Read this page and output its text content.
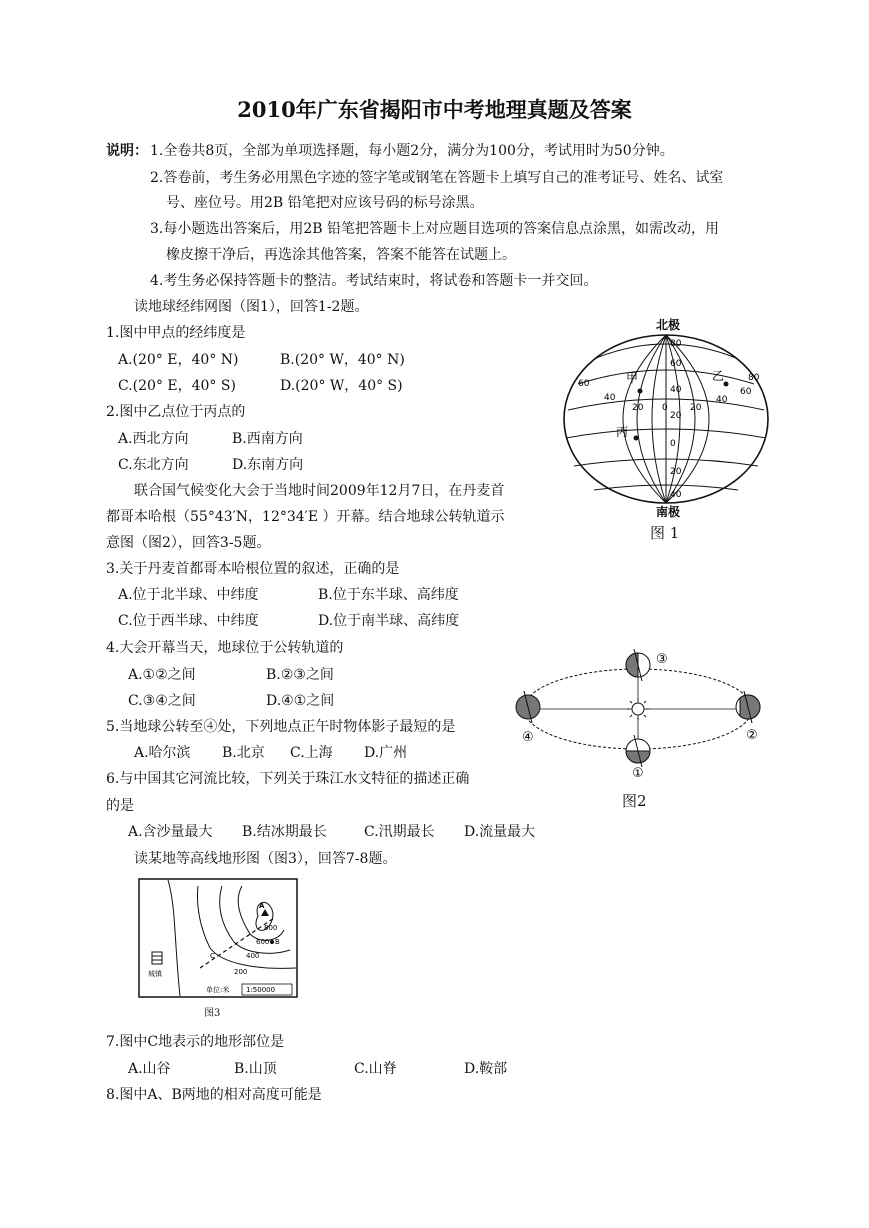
2010年广东省揭阳市中考地理真题及答案
说明： 1.全卷共8页，全部为单项选择题，每小题2分，满分为100分，考试用时为50分钟。
2.答卷前，考生务必用黑色字迹的签字笔或钢笔在答题卡上填写自己的准考证号、姓名、试室
号、座位号。用2B 铅笔把对应该号码的标号涂黑。
3.每小题选出答案后，用2B 铅笔把答题卡上对应题目选项的答案信息点涂黑，如需改动，用
橡皮擦干净后，再选涂其他答案，答案不能答在试题上。
4.考生务必保持答题卡的整洁。考试结束时，将试卷和答题卡一并交回。
读地球经纬网图（图1），回答1-2题。
1.图中甲点的经纬度是
A.(20° E，40° N)	B.(20° W，40° N)
C.(20° E，40° S)	D.(20° W，40° S)
2.图中乙点位于丙点的
A.西北方向	B.西南方向
C.东北方向	D.东南方向
联合国气候变化大会于当地时间2009年12月7日，在丹麦首
都哥本哈根（55°43′N，12°34′E ）开幕。结合地球公转轨道示
意图（图2），回答3-5题。
3.关于丹麦首都哥本哈根位置的叙述，正确的是
A.位于北半球、中纬度	B.位于东半球、高纬度
C.位于西半球、中纬度	D.位于南半球、高纬度
4.大会开幕当天，地球位于公转轨道的
A.①②之间	B.②③之间
C.③④之间	D.④①之间
5.当地球公转至④处，下列地点正午时物体影子最短的是
A.哈尔滨 B.北京 C.上海 D.广州
6.与中国其它河流比较，下列关于珠江水文特征的描述正确
的是
A.含沙量最大 B.结冰期最长	C.汛期最长 D.流量最大
读某地等高线地形图（图3），回答7-8题。
7.图中C地表示的地形部位是
A.山谷	B.山顶	C.山脊	D.鞍部
8.图中A、B两地的相对高度可能是
北极
南极
80
60
40
20
0
20
40
60
40
20 0 20
40
60
80
甲	乙
丙
图 1
③
②
①
④
图2
A
B
C
800
600
400
200
城镇
单位:米 1:50000
图3
